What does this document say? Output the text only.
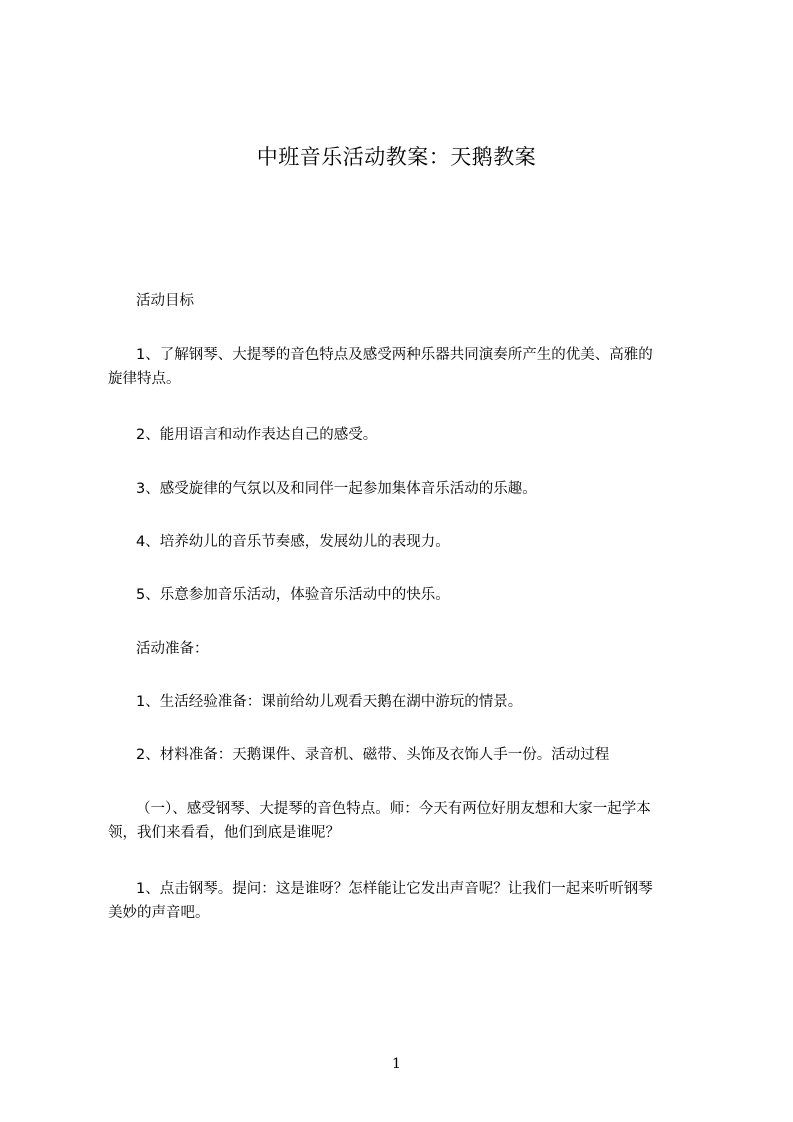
中班音乐活动教案：天鹅教案
活动目标
1、了解钢琴、大提琴的音色特点及感受两种乐器共同演奏所产生的优美、高雅的
旋律特点。
2、能用语言和动作表达自己的感受。
3、感受旋律的气氛以及和同伴一起参加集体音乐活动的乐趣。
4、培养幼儿的音乐节奏感，发展幼儿的表现力。
5、乐意参加音乐活动，体验音乐活动中的快乐。
活动准备：
1、生活经验准备：课前给幼儿观看天鹅在湖中游玩的情景。
2、材料准备：天鹅课件、录音机、磁带、头饰及衣饰人手一份。活动过程
（一）、感受钢琴、大提琴的音色特点。师：今天有两位好朋友想和大家一起学本
领，我们来看看，他们到底是谁呢？
1、点击钢琴。提问：这是谁呀？怎样能让它发出声音呢？让我们一起来听听钢琴
美妙的声音吧。
1
